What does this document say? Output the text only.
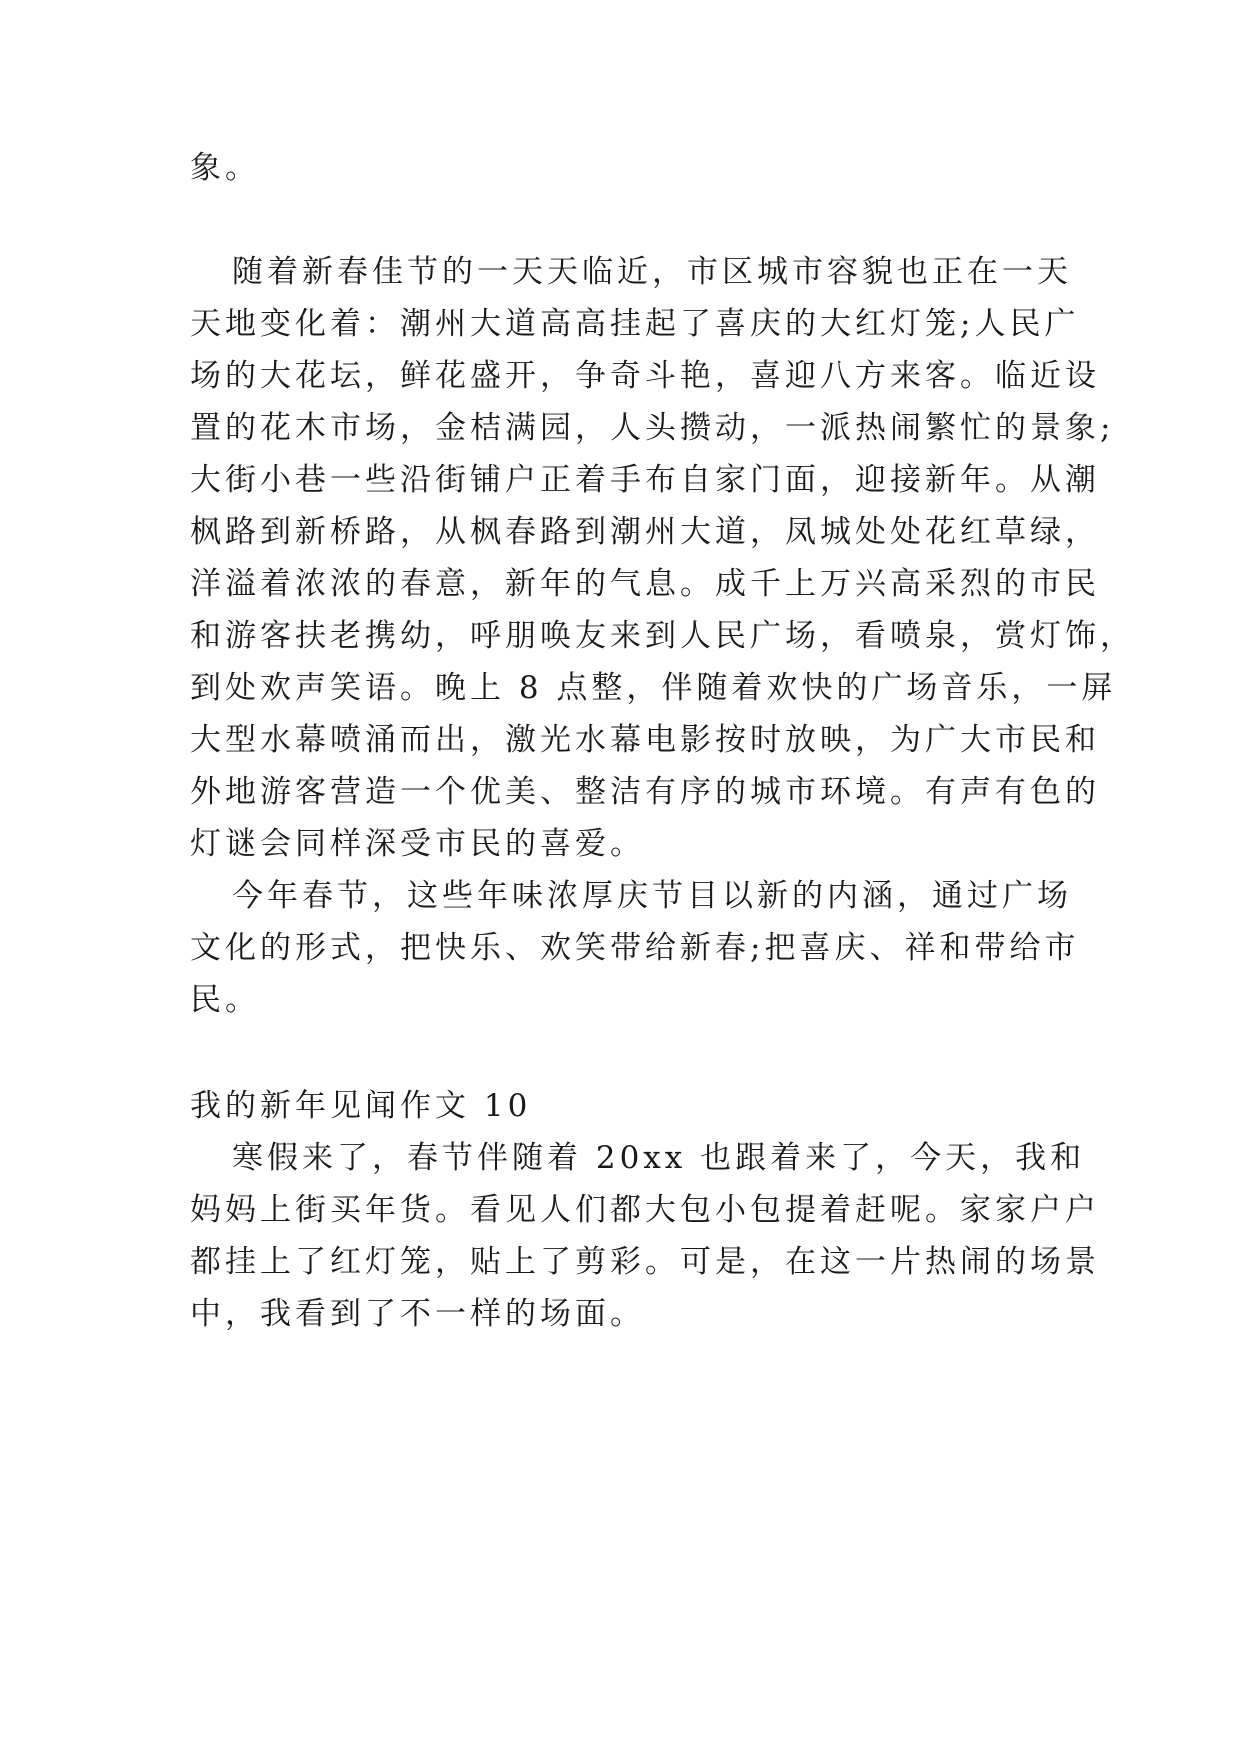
象。
随着新春佳节的一天天临近，市区城市容貌也正在一天
天地变化着：潮州大道高高挂起了喜庆的大红灯笼;人民广
场的大花坛，鲜花盛开，争奇斗艳，喜迎八方来客。临近设
置的花木市场，金桔满园，人头攒动，一派热闹繁忙的景象;
大街小巷一些沿街铺户正着手布自家门面，迎接新年。从潮
枫路到新桥路，从枫春路到潮州大道，凤城处处花红草绿，
洋溢着浓浓的春意，新年的气息。成千上万兴高采烈的市民
和游客扶老携幼，呼朋唤友来到人民广场，看喷泉，赏灯饰，
到处欢声笑语。晚上 8 点整，伴随着欢快的广场音乐，一屏
大型水幕喷涌而出，激光水幕电影按时放映，为广大市民和
外地游客营造一个优美、整洁有序的城市环境。有声有色的
灯谜会同样深受市民的喜爱。
今年春节，这些年味浓厚庆节目以新的内涵，通过广场
文化的形式，把快乐、欢笑带给新春;把喜庆、祥和带给市
民。
我的新年见闻作文 10
寒假来了，春节伴随着 20xx 也跟着来了，今天，我和
妈妈上街买年货。看见人们都大包小包提着赶呢。家家户户
都挂上了红灯笼，贴上了剪彩。可是，在这一片热闹的场景
中，我看到了不一样的场面。
